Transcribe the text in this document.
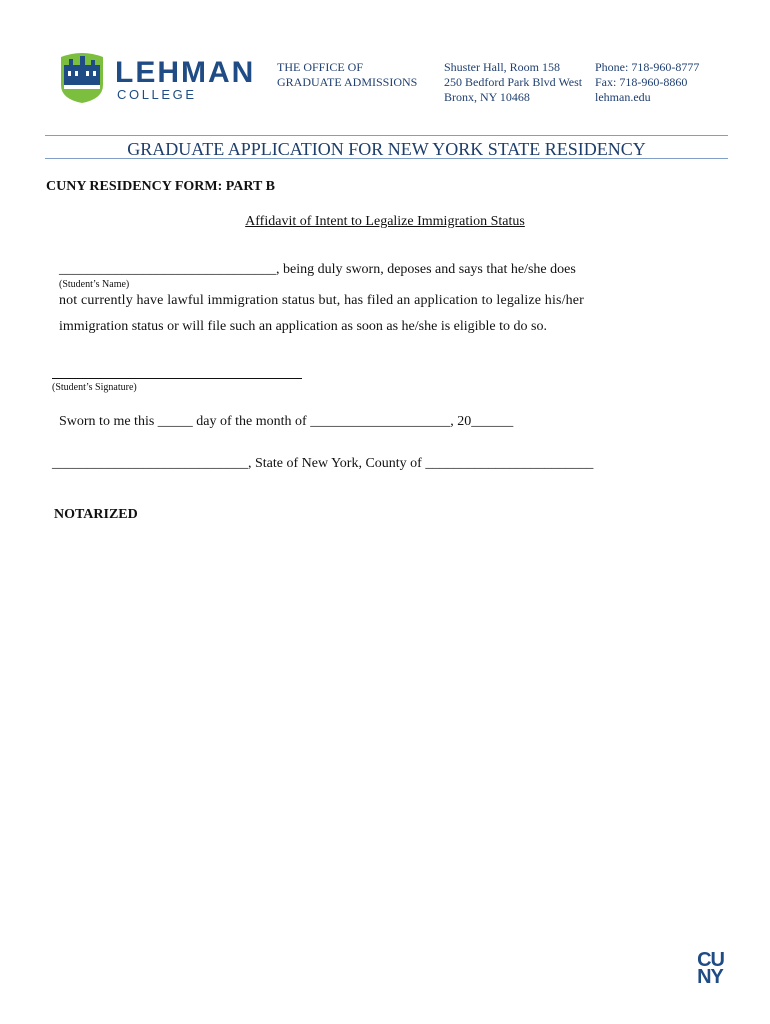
LEHMAN
COLLEGE
THE OFFICE OF
GRADUATE ADMISSIONS
Shuster Hall, Room 158
250 Bedford Park Blvd West
Bronx, NY 10468
Phone: 718-960-8777
Fax: 718-960-8860
lehman.edu
GRADUATE APPLICATION FOR NEW YORK STATE RESIDENCY
CUNY RESIDENCY FORM: PART B
Affidavit of Intent to Legalize Immigration Status
_______________________________, being duly sworn, deposes and says that he/she does
(Student’s Name)
not currently have lawful immigration status but, has filed an application to legalize his/her
immigration status or will file such an application as soon as he/she is eligible to do so.
(Student’s Signature)
Sworn to me this _____ day of the month of ____________________, 20______
____________________________, State of New York, County of ________________________
NOTARIZED
CU
NY
